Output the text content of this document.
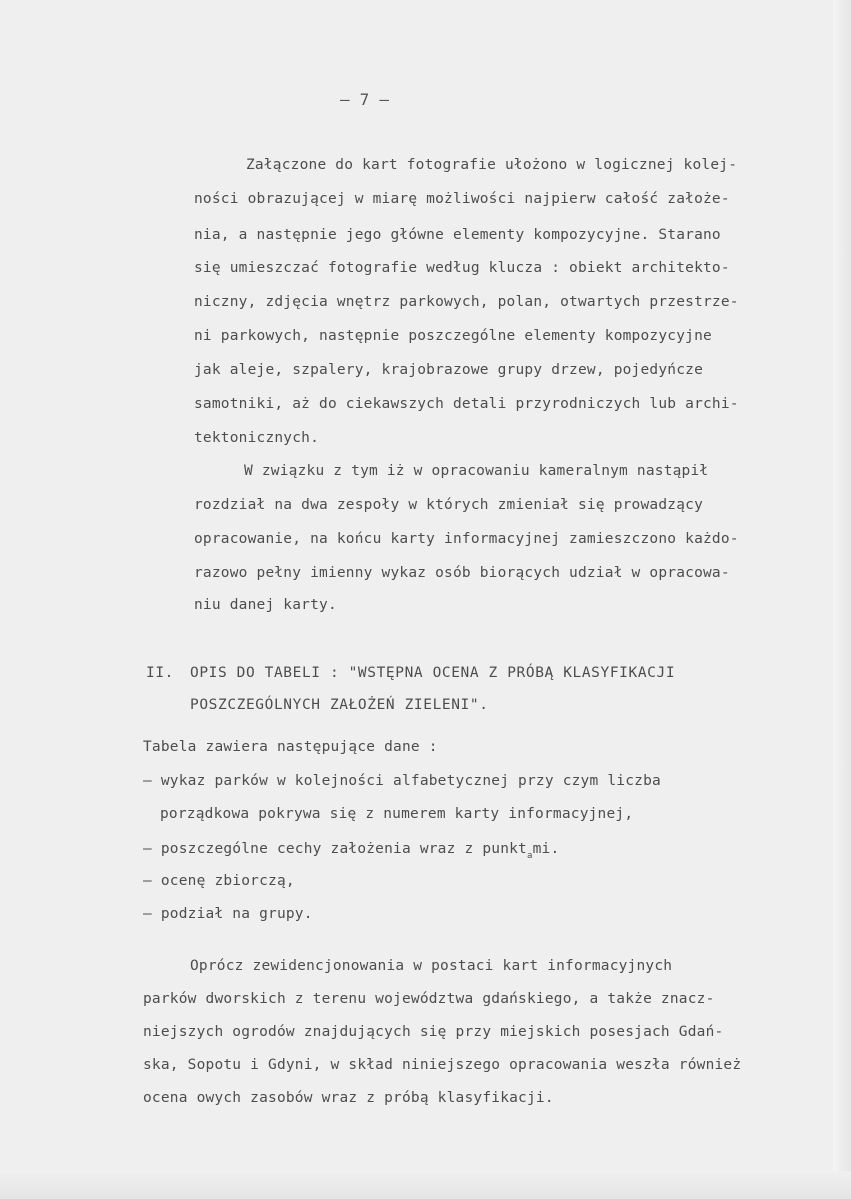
– 7 –
Załączone do kart fotografie ułożono w logicznej kolej-
ności obrazującej w miarę możliwości najpierw całość założe-
nia, a następnie jego główne elementy kompozycyjne. Starano
się umieszczać fotografie według klucza : obiekt architekto-
niczny, zdjęcia wnętrz parkowych, polan, otwartych przestrze-
ni parkowych, następnie poszczególne elementy kompozycyjne
jak aleje, szpalery, krajobrazowe grupy drzew, pojedyńcze
samotniki, aż do ciekawszych detali przyrodniczych lub archi-
tektonicznych.
W związku z tym iż w opracowaniu kameralnym nastąpił
rozdział na dwa zespoły w których zmieniał się prowadzący
opracowanie, na końcu karty informacyjnej zamieszczono każdo-
razowo pełny imienny wykaz osób biorących udział w opracowa-
niu danej karty.
II. OPIS DO TABELI : "WSTĘPNA OCENA Z PRÓBĄ KLASYFIKACJI
POSZCZEGÓLNYCH ZAŁOŻEŃ ZIELENI".
Tabela zawiera następujące dane :
– wykaz parków w kolejności alfabetycznej przy czym liczba
porządkowa pokrywa się z numerem karty informacyjnej,
– poszczególne cechy założenia wraz z punkt$_a$mi.
– ocenę zbiorczą,
– podział na grupy.
Oprócz zewidencjonowania w postaci kart informacyjnych
parków dworskich z terenu województwa gdańskiego, a także znacz-
niejszych ogrodów znajdujących się przy miejskich posesjach Gdań-
ska, Sopotu i Gdyni, w skład niniejszego opracowania weszła również
ocena owych zasobów wraz z próbą klasyfikacji.
